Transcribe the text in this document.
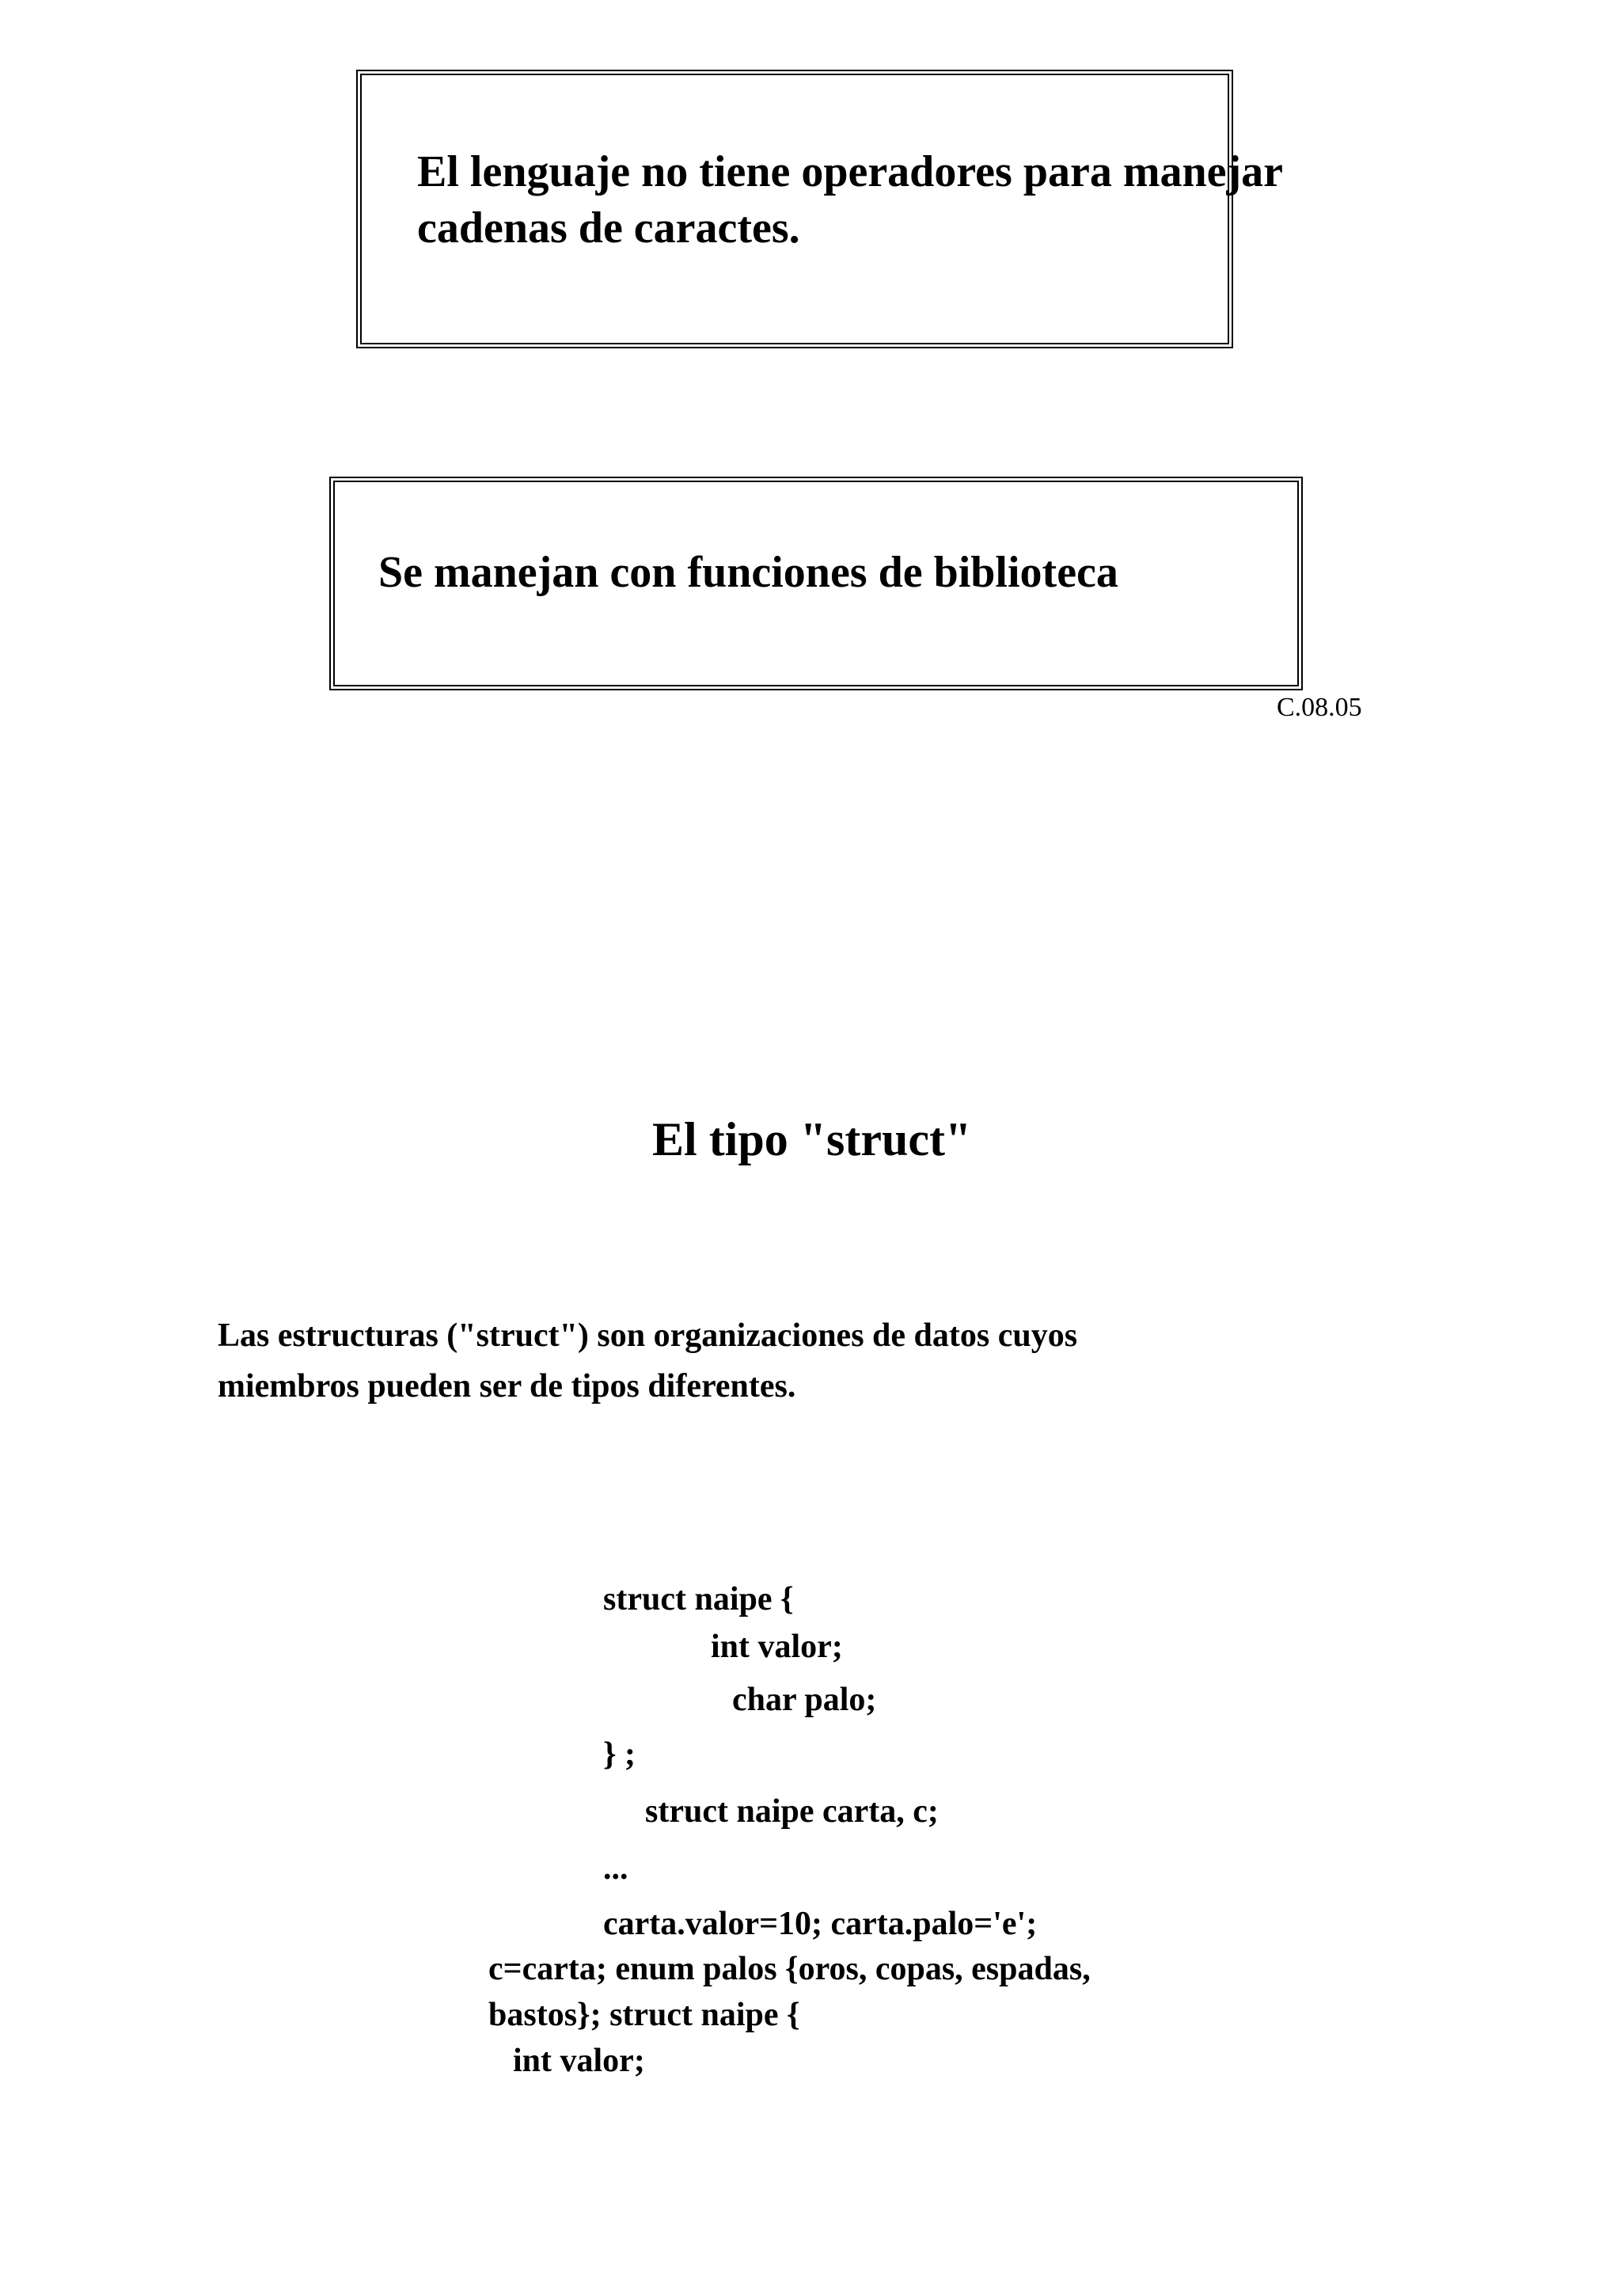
El lenguaje no tiene operadores para manejar
cadenas de caractes.
Se manejan con funciones de biblioteca
C.08.05
El tipo "struct"
Las estructuras ("struct") son organizaciones de datos cuyos
miembros pueden ser de tipos diferentes.
struct naipe {
int valor;
char palo;
} ;
struct naipe carta, c;
...
carta.valor=10; carta.palo='e';
c=carta; enum palos {oros, copas, espadas,
bastos}; struct naipe {
int valor;
